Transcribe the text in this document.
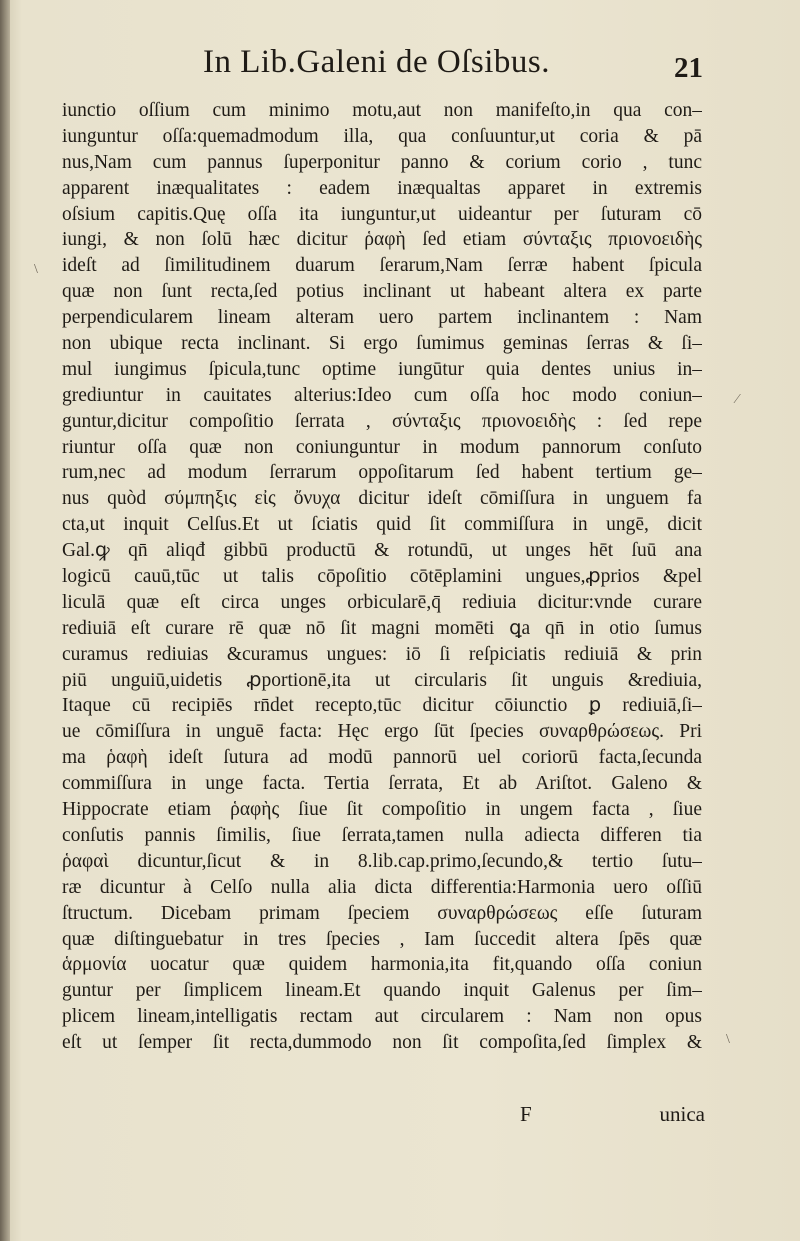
In Lib.Galeni de Oſsibus.	21
iunctio oſſium cum minimo motu,aut non manifeſto,in qua con–
iunguntur oſſa:quemadmodum illa, qua conſuuntur,ut coria & pā
nus,Nam cum pannus ſuperponitur panno & corium corio , tunc
apparent inæqualitates : eadem inæqualtas apparet in extremis
oſsium capitis.Quę oſſa ita iunguntur,ut uideantur per ſuturam cō
iungi, & non ſolū hæc dicitur ῥαφὴ ſed etiam σύνταξις πριονοειδὴς
ideſt ad ſimilitudinem duarum ſerarum,Nam ſerræ habent ſpicula
quæ non ſunt recta,ſed potius inclinant ut habeant altera ex parte
perpendicularem lineam alteram uero partem inclinantem : Nam
non ubique recta inclinant. Si ergo ſumimus geminas ſerras & ſi–
mul iungimus ſpicula,tunc optime iungūtur quia dentes unius in–
grediuntur in cauitates alterius:Ideo cum oſſa hoc modo coniun–
guntur,dicitur compoſitio ſerrata , σύνταξις πριονοειδὴς : ſed repe
riuntur oſſa quæ non coniunguntur in modum pannorum conſuto
rum,nec ad modum ſerrarum oppoſitarum ſed habent tertium ge–
nus quòd σύμπηξις εἰς ὄνυχα dicitur ideſt cōmiſſura in unguem fa
cta,ut inquit Celſus.Et ut ſciatis quid ſit commiſſura in ungē, dicit
Gal.ꝙ qn̄ aliqđ gibbū productū & rotundū, ut unges hēt ſuū ana
logicū cauū,tūc ut talis cōpoſitio cōtēplamini ungues,ꝓprios &pel
liculā quæ eſt circa unges orbicularē,q̄ rediuia dicitur:vnde curare
rediuiā eſt curare rē quæ nō ſit magni momēti ꝗa qn̄ in otio ſumus
curamus rediuias &curamus ungues: iō ſi reſpiciatis rediuiā & prin
piū unguiū,uidetis ꝓportionē,ita ut circularis ſit unguis &rediuia,
Itaque cū recipiēs rn̄det recepto,tūc dicitur cōiunctio ꝑ rediuiā,ſi–
ue cōmiſſura in unguē facta: Hęc ergo ſūt ſpecies συναρθρώσεως. Pri
ma ῥαφὴ ideſt ſutura ad modū pannorū uel coriorū facta,ſecunda
commiſſura in unge facta. Tertia ſerrata, Et ab Ariſtot. Galeno &
Hippocrate etiam ῥαφὴς ſiue ſit compoſitio in ungem facta , ſiue
conſutis pannis ſimilis, ſiue ſerrata,tamen nulla adiecta differen tia
ῥαφαὶ dicuntur,ſicut & in 8.lib.cap.primo,ſecundo,& tertio ſutu–
ræ dicuntur à Celſo nulla alia dicta differentia:Harmonia uero oſſiū
ſtructum. Dicebam primam ſpeciem συναρθρώσεως eſſe ſuturam
quæ diſtinguebatur in tres ſpecies , Iam ſuccedit altera ſpēs quæ
ἁρμονία uocatur quæ quidem harmonia,ita fit,quando oſſa coniun
guntur per ſimplicem lineam.Et quando inquit Galenus per ſim–
plicem lineam,intelligatis rectam aut circularem : Nam non opus
eſt ut ſemper ſit recta,dummodo non ſit compoſita,ſed ſimplex &
F	unica
\
⁄
\
